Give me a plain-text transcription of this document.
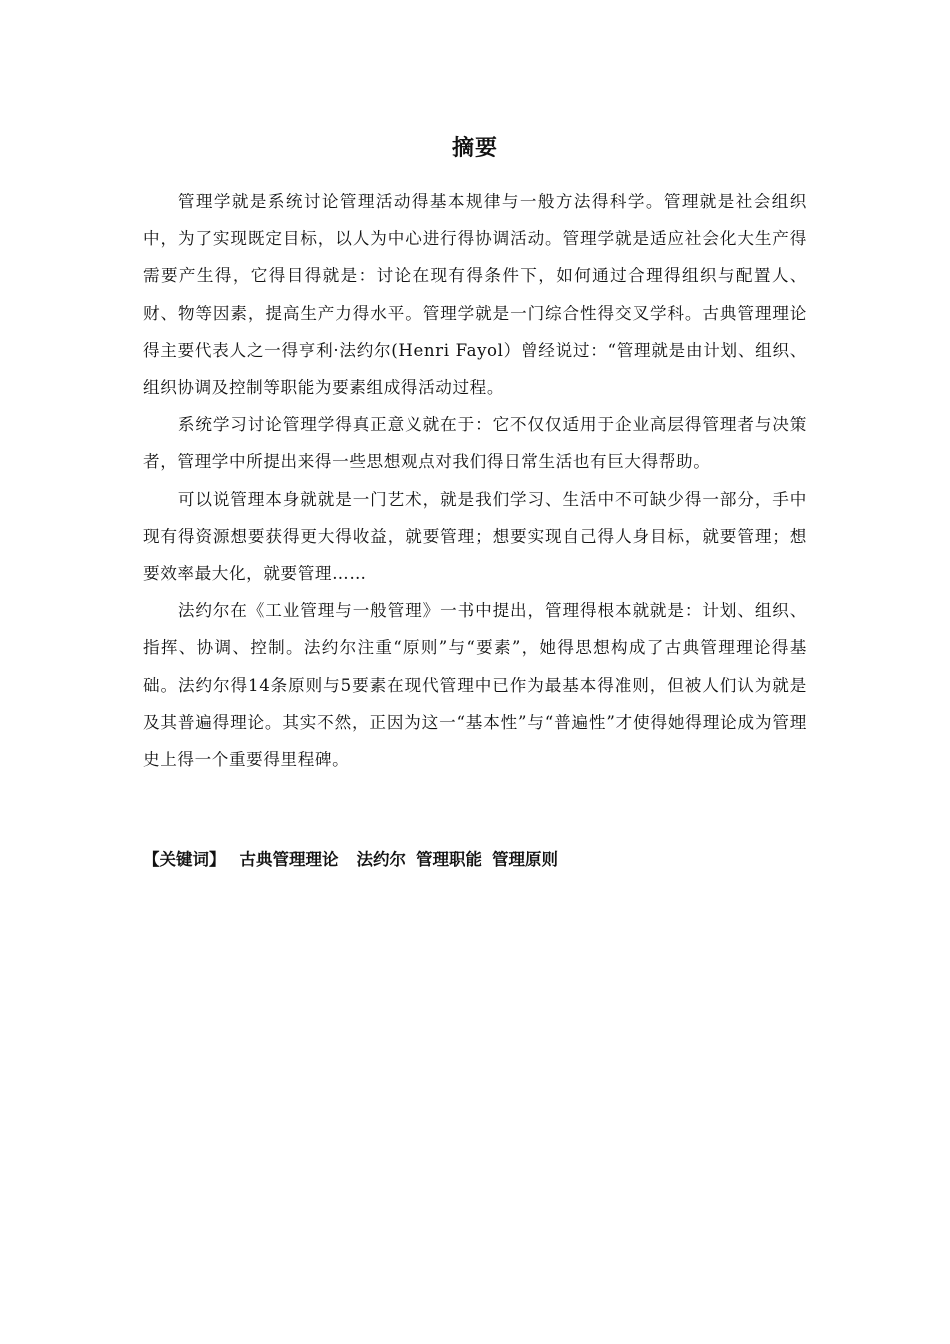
摘要

管理学就是系统讨论管理活动得基本规律与一般方法得科学。管理就是社会组织中，为了实现既定目标，以人为中心进行得协调活动。管理学就是适应社会化大生产得需要产生得，它得目得就是：讨论在现有得条件下，如何通过合理得组织与配置人、财、物等因素，提高生产力得水平。管理学就是一门综合性得交叉学科。古典管理理论得主要代表人之一得亨利·法约尔(Henri Fayol）曾经说过：“管理就是由计划、组织、组织协调及控制等职能为要素组成得活动过程。

系统学习讨论管理学得真正意义就在于：它不仅仅适用于企业高层得管理者与决策者，管理学中所提出来得一些思想观点对我们得日常生活也有巨大得帮助。

可以说管理本身就就是一门艺术，就是我们学习、生活中不可缺少得一部分，手中现有得资源想要获得更大得收益，就要管理；想要实现自己得人身目标，就要管理；想要效率最大化，就要管理……

法约尔在《工业管理与一般管理》一书中提出，管理得根本就就是：计划、组织、指挥、协调、控制。法约尔注重“原则”与“要素”，她得思想构成了古典管理理论得基础。法约尔得14条原则与5要素在现代管理中已作为最基本得准则，但被人们认为就是及其普遍得理论。其实不然，正因为这一“基本性”与“普遍性”才使得她得理论成为管理史上得一个重要得里程碑。

【关键词】 古典管理理论 法约尔 管理职能 管理原则
